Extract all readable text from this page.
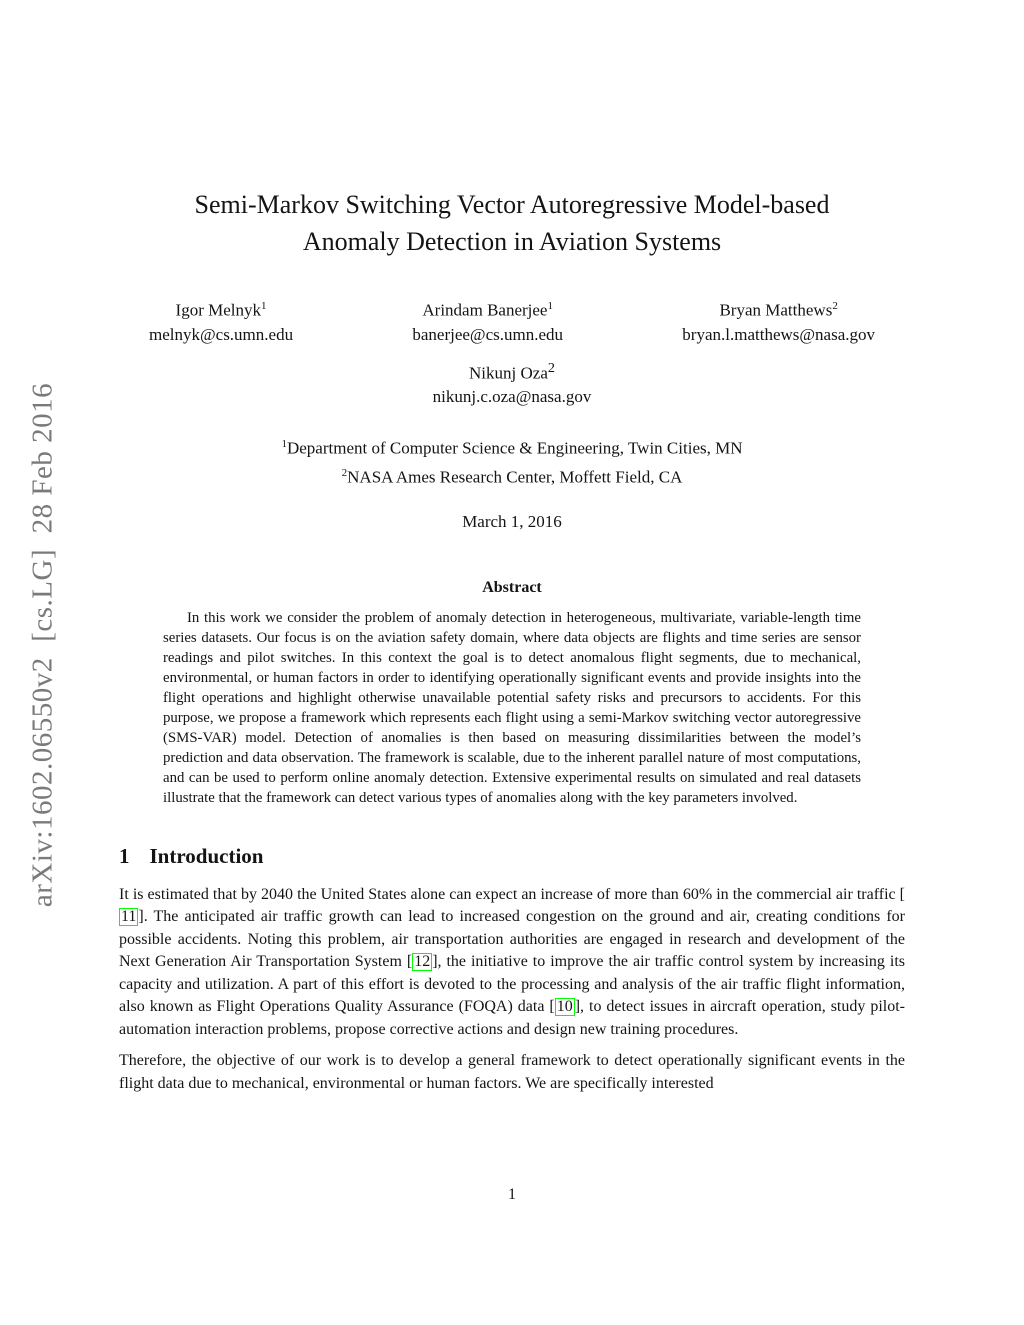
arXiv:1602.06550v2  [cs.LG]  28 Feb 2016
Semi-Markov Switching Vector Autoregressive Model-based
Anomaly Detection in Aviation Systems
Igor Melnyk$^1$
melnyk@cs.umn.edu
Arindam Banerjee$^1$
banerjee@cs.umn.edu
Bryan Matthews$^2$
bryan.l.matthews@nasa.gov
Nikunj Oza$^2$
nikunj.c.oza@nasa.gov
$^1$Department of Computer Science & Engineering, Twin Cities, MN
$^2$NASA Ames Research Center, Moffett Field, CA
March 1, 2016
Abstract
In this work we consider the problem of anomaly detection in heterogeneous, multivariate, variable-length time series datasets. Our focus is on the aviation safety domain, where data objects are flights and time series are sensor readings and pilot switches. In this context the goal is to detect anomalous flight segments, due to mechanical, environmental, or human factors in order to identifying operationally significant events and provide insights into the flight operations and highlight otherwise unavailable potential safety risks and precursors to accidents. For this purpose, we propose a framework which represents each flight using a semi-Markov switching vector autoregressive (SMS-VAR) model. Detection of anomalies is then based on measuring dissimilarities between the model’s prediction and data observation. The framework is scalable, due to the inherent parallel nature of most computations, and can be used to perform online anomaly detection. Extensive experimental results on simulated and real datasets illustrate that the framework can detect various types of anomalies along with the key parameters involved.
1 Introduction

It is estimated that by 2040 the United States alone can expect an increase of more than 60% in the commercial air traffic [11 ]. The anticipated air traffic growth can lead to increased congestion on the ground and air, creating conditions for possible accidents. Noting this problem, air transportation authorities are engaged in research and development of the Next Generation Air Transportation System [ 12 ], the initiative to improve the air traffic control system by increasing its capacity and utilization. A part of this effort is devoted to the processing and analysis of the air traffic flight information, also known as Flight Operations Quality Assurance (FOQA) data [ 10 ], to detect issues in aircraft operation, study pilot-automation interaction problems, propose corrective actions and design new training procedures.

Therefore, the objective of our work is to develop a general framework to detect operationally significant events in the flight data due to mechanical, environmental or human factors. We are specifically interested

1
